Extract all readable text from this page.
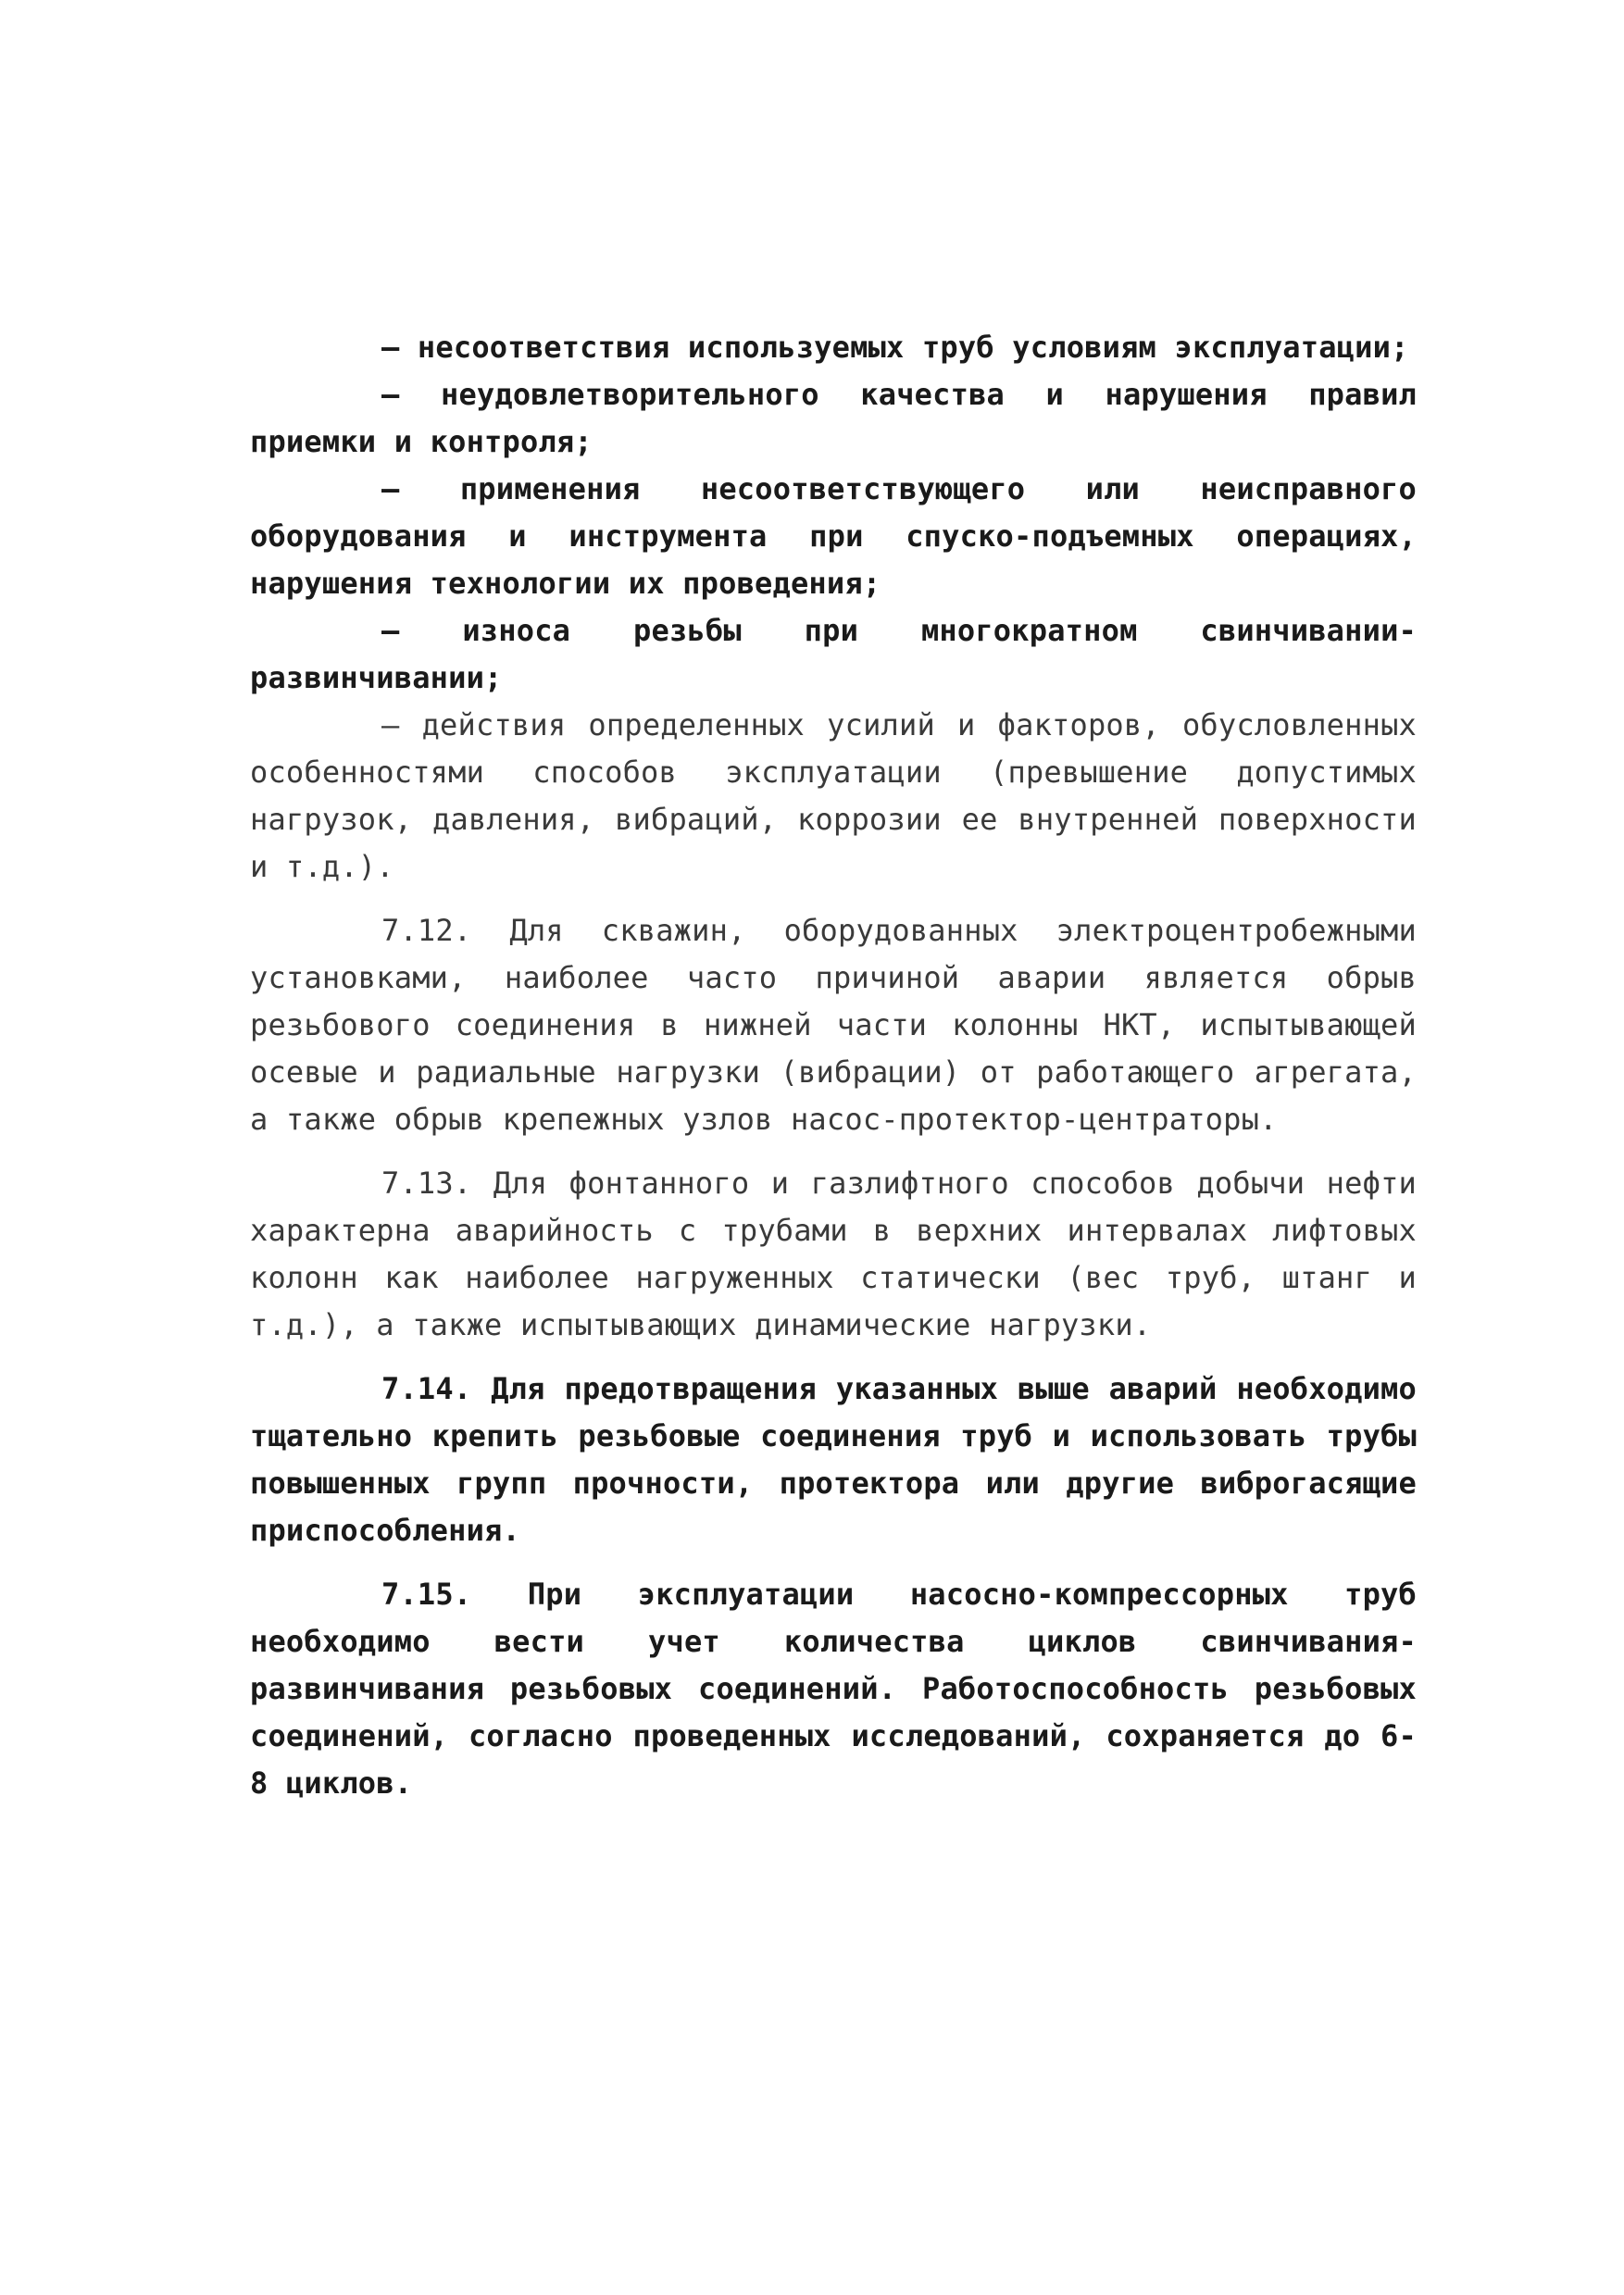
– несоответствия используемых труб условиям эксплуатации;

– неудовлетворительного качества и нарушения правил приемки и контроля;

– применения несоответствующего или неисправного оборудования и инструмента при спуско-подъемных операциях, нарушения технологии их проведения;

– износа резьбы при многократном свинчивании-развинчивании;

– действия определенных усилий и факторов, обусловленных особенностями способов эксплуатации (превышение допустимых нагрузок, давления, вибраций, коррозии ее внутренней поверхности и т.д.).

7.12. Для скважин, оборудованных электроцентробежными установками, наиболее часто причиной аварии является обрыв резьбового соединения в нижней части колонны НКТ, испытывающей осевые и радиальные нагрузки (вибрации) от работающего агрегата, а также обрыв крепежных узлов насос-протектор-центраторы.

7.13. Для фонтанного и газлифтного способов добычи нефти характерна аварийность с трубами в верхних интервалах лифтовых колонн как наиболее нагруженных статически (вес труб, штанг и т.д.), а также испытывающих динамические нагрузки.

7.14. Для предотвращения указанных выше аварий необходимо тщательно крепить резьбовые соединения труб и использовать трубы повышенных групп прочности, протектора или другие виброгасящие приспособления.

7.15. При эксплуатации насосно-компрессорных труб необходимо вести учет количества циклов свинчивания-развинчивания резьбовых соединений. Работоспособность резьбовых соединений, согласно проведенных исследований, сохраняется до 6-8 циклов.
